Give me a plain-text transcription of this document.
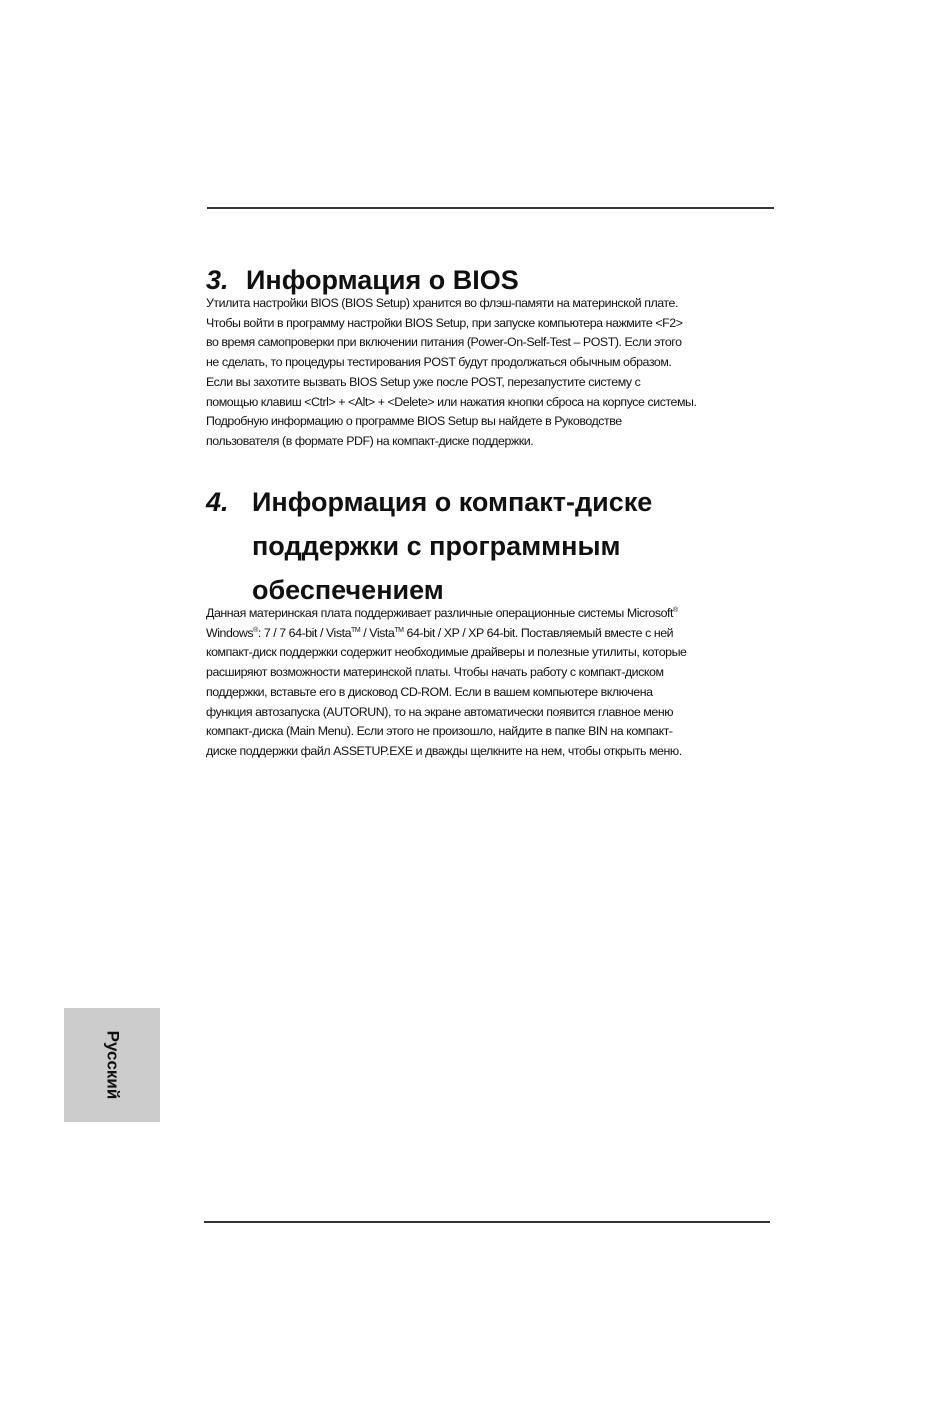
3. Информация о BIOS

Утилита настройки BIOS (BIOS Setup) хранится во флэш-памяти на материнской плате.
Чтобы войти в программу настройки BIOS Setup, при запуске компьютера нажмите <F2>
во время самопроверки при включении питания (Power-On-Self-Test – POST). Если этого
не сделать, то процедуры тестирования POST будут продолжаться обычным образом.
Если вы захотите вызвать BIOS Setup уже после POST, перезапустите систему с
помощью клавиш <Ctrl> + <Alt> + <Delete> или нажатия кнопки сброса на корпусе системы.
Подробную информацию о программе BIOS Setup вы найдете в Руководстве
пользователя (в формате PDF) на компакт-диске поддержки.

4. Информация о компакт-диске
поддержки с программным
обеспечением

Данная материнская плата поддерживает различные операционные системы Microsoft®
Windows®: 7 / 7 64-bit / Vista™ / Vista™ 64-bit / XP / XP 64-bit. Поставляемый вместе с ней
компакт-диск поддержки содержит необходимые драйверы и полезные утилиты, которые
расширяют возможности материнской платы. Чтобы начать работу с компакт-диском
поддержки, вставьте его в дисковод CD-ROM. Если в вашем компьютере включена
функция автозапуска (AUTORUN), то на экране автоматически появится главное меню
компакт-диска (Main Menu). Если этого не произошло, найдите в папке BIN на компакт-
диске поддержки файл ASSETUP.EXE и дважды щелкните на нем, чтобы открыть меню.

Русский
